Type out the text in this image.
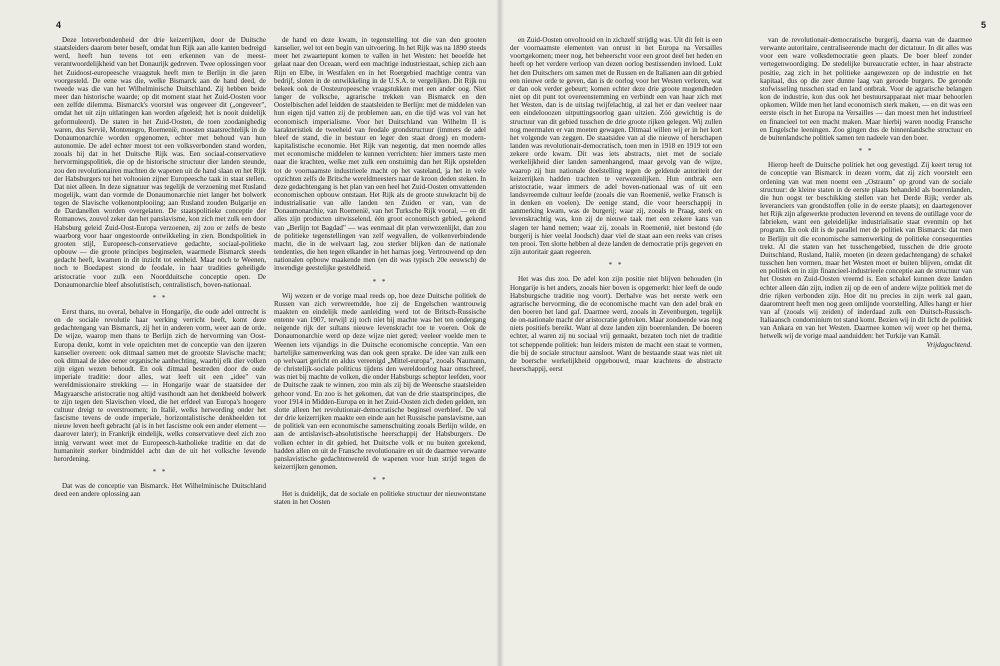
4

Deze lotsverbondenheid der drie keizerrijken, door de Duitsche staatsleiders daarom beter beseft, omdat hun Rijk aan alle kanten bedreigd werd, heeft hun tevens tot een erkennen van de meest-verantwoordelijkheid van het Donaurijk gedreven. Twee oplossingen voor het Zuidoost-europeesche vraagstuk heeft men te Berlijn in die jaren voorgesteld. De eene was die, welke Bismarck aan de hand deed, de tweede was die van het Wilhelminische Duitschland. Zij hebben beide meer dan historische waarde; op dit moment staat het Zuid-Oosten voor een zelfde dilemma. Bismarck's voorstel was ongeveer dit („ongeveer", omdat het uit zijn uitlatingen kan worden afgeleid; het is nooit duidelijk geformuleerd). De staten in het Zuid-Oosten, de toen zoodanighedig waren, dus Servië, Montenegro, Roemenië, moesten staatsrechtelijk in de Donaumonarchie worden opgenomen, echter met behoud van hun autonomie. De adel echter moest tot een volksverbonden stand worden, zooals hij dat in het Duitsche Rijk was. Een sociaal-conservatieve hervormingspolitiek, die op de historische structuur dier landen steunde, zou den revolutionairen machten de wapenen uit de hand slaan en het Rijk der Habsburgers tot het voltooien zijner Europeesche taak in staat stellen. Dat niet alleen. In deze signatuur was tegelijk de verzoening met Rusland mogelijk, want dan vormde de Donaumonarchie niet langer het bolwerk tegen de Slavische volkenontplooiing; aan Rusland zouden Bulgarije en de Dardanellen worden overgelaten. De staatspolitieke conceptie der Romanows, zouvol zeker dan het panslavisme, kon zich met zulk een door Habsburg geleid Zuid-Oost-Europa verzoenen, zij zou er zelfs de beste waarborg voor haar ongestoorde ontwikkeling in zien. Bondspolitiek in grooten stijl, Europeesch-conservatieve gedachte, sociaal-politieke opbouw — die groote principes beginselen, waarmede Bismarck steeds gedacht heeft, kwamen in dit inzicht tot eenheid. Maar noch te Weenen, noch te Boedapest stond de feodale, in haar tradities geheiligde aristocratie voor zulk een Noordduitsche conceptie open. De Donaumonarchie bleef absolutistisch, centralistisch, boven-nationaal.

* *

Eerst thans, nu overal, behalve in Hongarije, die oude adel ontrecht is en de sociale revolutie haar werking verricht heeft, komt deze gedachtengang van Bismarck, zij het in anderen vorm, weer aan de orde. De wijze, waarop men thans te Berlijn zich de hervorming van Oost-Europa denkt, komt in vele opzichten met de conceptie van den ijzeren kanselier overeen: ook ditmaal samen met de grootste Slavische macht; ook ditmaal de idee eener organische aanhechting, waarbij elk dier volken zijn eigen wezen behoudt. En ook ditmaal bestreden door de oude imperiale traditie: door alles, wat leeft uit een „idee" van wereldmissionaire strekking — in Hongarije waar de staatsidee der Magyaarsche aristocratie nog altijd vasthoudt aan het denkbeeld bolwerk te zijn tegen den Slavischen vloed, die het erfdeel van Europa's hoogere cultuur dreigt te overstroomen; in Italië, welks herwording onder het fascisme tevens de oude imperiale, horizontalistische denkbeelden tot nieuw leven heeft gebracht (al is in het fascisme ook een ander element — daarover later); in Frankrijk eindelijk, welks conservatieve deel zich zoo innig verwant weet met de Europeesch-katholieke traditie en dat de humaniteit sterker bindmiddel acht dan de uit het volksche levende herordening.

* *

Dat was de conceptie van Bismarck. Het Wilhelminische Duitschland deed een andere oplossing aan

de hand en deze kwam, in tegenstelling tot die van den grooten kanselier, wel tot een begin van uitvoering. In het Rijk was na 1890 steeds meer het zwaartepunt komen te vallen in het Westen: het beoefde het gelaat naar den Oceaan, werd een machtige industriestaat, schiep zich aan Rijn en Elbe, in Westfalen en in het Roergebied machtige centra van bedrijf, sloten in de ontwikkeling in de U.S.A. te vergelijken. Dit Rijk nu bekeek ook de Oosteuropeesche vraagstukken met een ander oog. Niet langer de volksche, agrarische trekken van Bismarck en den Oostelbischen adel leidden de staatsleiden te Berlijn: met de middelen van hun eigen tijd vatten zij de problemen aan, en die tijd was vol van het economisch imperialisme. Voor het Duitschland van Wilhelm II is karakteristiek de tweeheid van feodale grondstructuur (immers de adel bleef de stand, die in bestuur en leger den staat droeg) en modern-kapitalistische economie. Het Rijk van negentig, dat men noemde alles met economische middelen te kunnen verrichten: hier immers taste men naar die krachten, welke met zulk een onstuimig dan het Rijk opstelden tot de voornaamste industrieele macht op het vasteland, ja het in vele opzichten zelfs de Britsche wereldmeesters naar de kroon deden steken. In deze gedachtengang is het plan van een heel het Zuid-Oosten omvattenden economischen opbouw ontstaan. Het Rijk als de groote stuwkracht bij de industrialisatie van alle landen ten Zuiden er van, van de Donaumonarchie, van Roemenië, van het Turksche Rijk vooral, — en dit alles zijn producten uitwisselend, één groot economisch gebied, gekend van „Berlijn tot Bagdad" — was eenmaal dit plan verwezenlijkt, dan zou de politieke tegenstellingen van zelf wegvallen, de volkenverbindende macht, die in de welvaart lag, zou sterker blijken dan de nationale tendenties, die hen tegen elkander in het harnas joeg. Vertrouwend op den nationalen opbouw maakende men (en dit was typisch 20e eeuwsch) de inwendige geestelijke gesteldheid.

* *

Wij wezen er de vorige maal reeds op, hoe deze Duitsche politiek de Russen van zich verwreemdde, hoe zij de Engelschen wantrouwig maakten en eindelijk mede aanleiding werd tot de Britsch-Russische entente van 1907, terwijl zij toch niet bij machte was het ten ondergang neigende rijk der sultans nieuwe levenskracht toe te voeren. Ook de Donaumonarchie werd op deze wijze niet gered; veeleer voelde men te Weenen iets vijandigs in die Duitsche economische conceptie. Van een hartelijke samenwerking was dan ook geen sprake. De idee van zulk een op welvaart gericht en aldus vereenigd „Mittel-europa", zooals Naumann, de christelijk-sociale politicus tijdens den wereldoorlog haar omschreef, was niet bij machte de volken, die onder Habsburgs scheptor leefden, voor de Duitsche zaak te winnen, zoo min als zij bij de Weensche staatsleiden gehoor vond. En zoo is het gekomen, dat van de drie staatsprincipes, die voor 1914 in Midden-Europa en in het Zuid-Oosten zich deden gelden, ten slotte alleen het revolutionair-democratische beginsel overbleef. De val der drie keizerrijken maakte een einde aan het Russische panslavisme, aan de politiek van een economische samenschuiting zooals Berlijn wilde, en aan de antislavisch-absolutistische heerschappij der Habsburgers. De volken echter in dit gebied, het Duitsche volk er nu buiten gerekend, hadden allen en uit de Fransche revolutionaire en uit de daarmee verwante panslavistische gedachtenwereld de wapenen voor hun strijd tegen de keizerrijken genomen.

* *

Het is duidelijk, dat de sociale en politieke structuur der nieuwontstane staten in het Oosten

5

en Zuid-Oosten onvoltooid en in zichzelf strijdig was. Uit dit feit is een der voornaamste elementen van onrust in het Europa na Versailles voortgekomen; meer nog, het beheerscht voor een groot deel het heden en heeft op het verdere verloop van dezen oorlog bestissenden invloed. Lukt het den Duitschers om samen met de Russen en de Italianen aan dit gebied een nieuwe orde te geven, dan is de oorlog voor het Westen verloren, wat er dan ook verder gebeurt; komen echter deze drie groote mogendheden niet op dit punt tot overeenstemming en verbindt een van haar zich met het Westen, dan is de uitslag twijfelachtig, al zal het er dan veeleer naar een eindelooozen uitputtingsoorlog gaan uitzien. Zóó gewichtig is de structuur van dit gebied tusschen de drie groote rijken gelegen. Wij zullen nog meermalen er van moeten gewagen. Ditmaal willen wij er in het kort het volgende van zeggen. De staatsidee van al die nieuwe of herschapen landen was revolutionair-democratisch, toen men in 1918 en 1919 tot een zekere orde kwam. Dit was iets abstracts, niet met de sociale werkelijkheid dier landen samenhangend, maar gevolg van de wijze, waarop zij hun nationale doelstelling tegen de geldende autoriteit der keizerrijken hadden trachten te verwezenlijken. Hun ontbrak een aristocratie, waar immers de adel boven-nationaal was of uit een landsvreemde cultuur leefde (zooals die van Roemenië, welke Fransch is in denken en voelen). De eenige stand, die voor heerschappij in aanmerking kwam, was de burgerij; waar zij, zooals te Praag, sterk en levenskrachtig was, kon zij de nieuwe taak met een zekere kans van slagen ter hand nemen; waar zij, zooals in Roemenië, niet bestond (de burgerij is hier veelal Joodsch) daar viel de staat aan een reeks van crises ten prooi. Ten slotte hebben al deze landen de democratie prijs gegeven en zijn autoritair gaan regeeren.

* *

Het was dus zoo. De adel kon zijn positie niet blijven behouden (in Hongarije is het anders, zooals hier boven is opgemerkt: hier leeft de oude Habsburgsche traditie nog voort). Derhalve was het eerste werk een agrarische hervorming, die de economische macht van den adel brak en den boeren het land gaf. Daarmee werd, zooals in Zevenburgen, tegelijk de on-nationale macht der aristocratie gebroken. Maar zoodoende was nog niets positiefs bereikt. Want al deze landen zijn boerenlanden. De boeren echter, al waren zij nu sociaal vrij gemaakt, bezaten toch niet de traditie tot scheppende politiek: hun leiders misten de macht een staat te vormen, die bij de sociale structuur aansloot. Want de bestaande staat was niet uit de boersche werkelijkheid opgebouwd, maar krachtens de abstracte heerschappij, eerst

van de revolutionair-democratische burgerij, daarna van de daarmee verwante autoritaire, centraliseerende macht der dictatuur. In dit alles was voor een ware volksdemocratie geen plaats. De boer bleef zonder vertegenwoordiging. De stedelijke bureaucratie echter, in haar abstracte positie, zag zich in het politieke aangewezen op de industrie en het kapitaal, dus op die zeer dunne laag van geroede burgers. De geronde stofwisseling tusschen stad en land ontbrak. Voor de agrarische belangen kon de industrie, kon dus ook het bestuursapparaat niet maar behoorlen opkomen. Wilde men het land economisch sterk maken, — en dit was een eerste eisch in het Europa na Versailles — dan moest men het industrieel en financieel tot een macht maken. Maar hierbij waren noodig Fransche en Engelsche leeningen. Zoo gingen dus de binnenlandsche structuur en de buitenlandsche politiek samen ten nadeele van den boer.

* *

Hierop heeft de Duitsche politiek het oog gevestigd. Zij keert terug tot de conceptie van Bismarck in dezen vorm, dat zij zich voorstelt een ordening van wat men noemt een „Ostraum" op grond van de sociale structuur: de kleine staten in de eerste plaats behandeld als boerenlanden, die hun oogst ter beschikking stellen van het Derde Rijk; verder als leveranciers van grondstoffen (olie in de eerste plaats); en daartegenover het Rijk zijn afgewerkte producten leverend en tevens de outillage voor de fabrieken, want een geleidelijke industrialisatie staat evenmin op het program. En ook dit is de parallel met de politiek van Bismarck: dat men te Berlijn uit die economische samenwerking de politieke consequenties trekt. Al die staten van het tusschengebied, tusschen de drie groote Duitschland, Rusland, Italië, moeten (in dezen gedachtengang) de schakel tusschen hen vormen, maar het Westen moet er buiten blijven, omdat dit en politiek en in zijn financieel-industrieele conceptie aan de structuur van het Oosten en Zuid-Oosten vreemd is. Een schakel kunnen deze landen echter alleen dán zijn, indien zij op de een of andere wijze politiek met de drie rijken verbonden zijn. Hoe dit nu precies in zijn werk zal gaan, daaromtrent heeft men nog geen omlijnde voorstelling. Alles hangt er hier van af (zooals wij zeiden) of inderdaad zulk een Duitsch-Russisch-Italiaansch condominium tot stand komt. Bezien wij in dit licht de politiek van Ankara en van het Westen. Daarmee komen wij weer op het thema, hetwelk wij de vorige maal aanduidden: het Turkije van Kamâl.

Vrijdagochtend.
